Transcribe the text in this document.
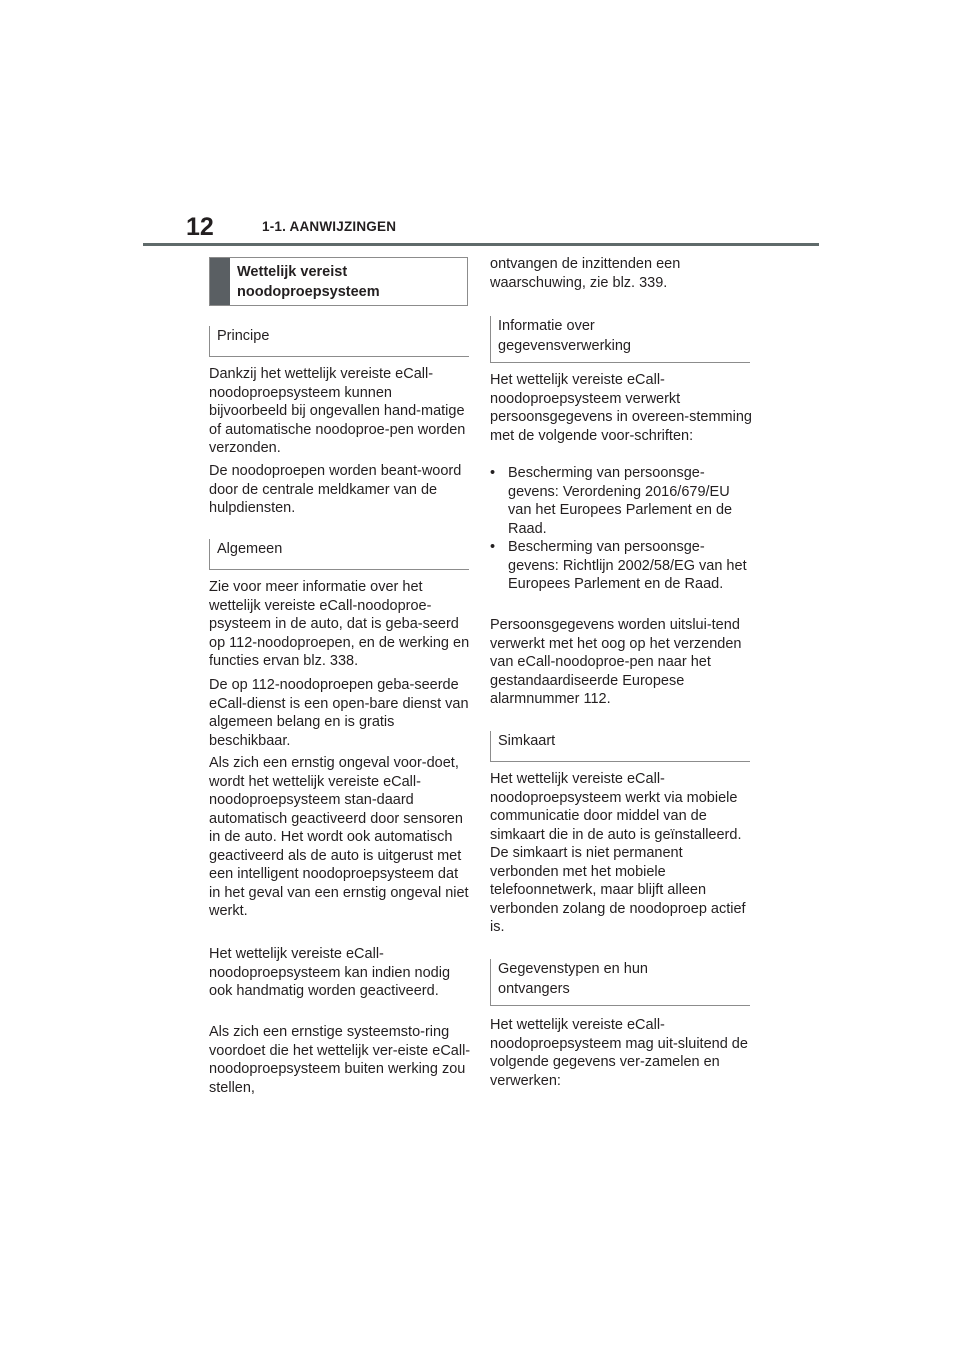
12	1-1. AANWIJZINGEN
Wettelijk vereist noodoproepsysteem
Principe

Dankzij het wettelijk vereiste eCall-noodoproepsysteem kunnen bijvoorbeeld bij ongevallen hand-matige of automatische noodoproe-pen worden verzonden.

De noodoproepen worden beant-woord door de centrale meldkamer van de hulpdiensten.

Algemeen

Zie voor meer informatie over het wettelijk vereiste eCall-noodoproe-psysteem in de auto, dat is geba-seerd op 112-noodoproepen, en de werking en functies ervan blz. 338.

De op 112-noodoproepen geba-seerde eCall-dienst is een open-bare dienst van algemeen belang en is gratis beschikbaar.

Als zich een ernstig ongeval voor-doet, wordt het wettelijk vereiste eCall-noodoproepsysteem stan-daard automatisch geactiveerd door sensoren in de auto. Het wordt ook automatisch geactiveerd als de auto is uitgerust met een intelligent noodoproepsysteem dat in het geval van een ernstig ongeval niet werkt.

Het wettelijk vereiste eCall-noodoproepsysteem kan indien nodig ook handmatig worden geactiveerd.

Als zich een ernstige systeemsto-ring voordoet die het wettelijk ver-eiste eCall-noodoproepsysteem buiten werking zou stellen,

ontvangen de inzittenden een waarschuwing, zie blz. 339.

Informatie over gegevensverwerking

Het wettelijk vereiste eCall-noodoproepsysteem verwerkt persoonsgegevens in overeen-stemming met de volgende voor-schriften:

• Bescherming van persoonsge-gevens: Verordening 2016/679/EU van het Europees Parlement en de Raad.
• Bescherming van persoonsge-gevens: Richtlijn 2002/58/EG van het Europees Parlement en de Raad.

Persoonsgegevens worden uitslui-tend verwerkt met het oog op het verzenden van eCall-noodoproe-pen naar het gestandaardiseerde Europese alarmnummer 112.

Simkaart

Het wettelijk vereiste eCall-noodoproepsysteem werkt via mobiele communicatie door middel van de simkaart die in de auto is geïnstalleerd. De simkaart is niet permanent verbonden met het mobiele telefoonnetwerk, maar blijft alleen verbonden zolang de noodoproep actief is.

Gegevenstypen en hun ontvangers

Het wettelijk vereiste eCall-noodoproepsysteem mag uit-sluitend de volgende gegevens ver-zamelen en verwerken:
